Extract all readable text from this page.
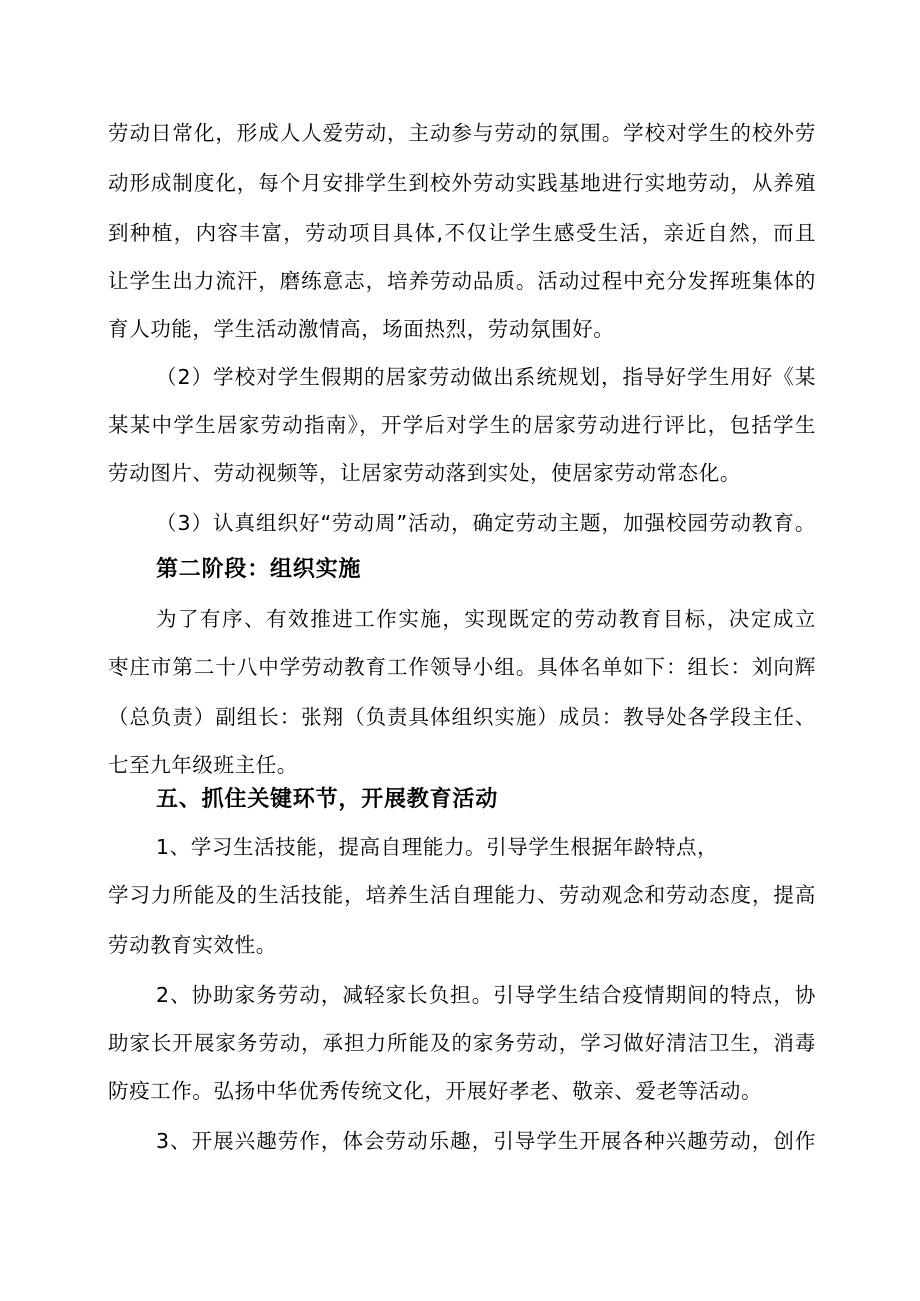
劳动日常化，形成人人爱劳动，主动参与劳动的氛围。学校对学生的校外劳
动形成制度化，每个月安排学生到校外劳动实践基地进行实地劳动，从养殖
到种植，内容丰富，劳动项目具体,不仅让学生感受生活，亲近自然，而且
让学生出力流汗，磨练意志，培养劳动品质。活动过程中充分发挥班集体的
育人功能，学生活动激情高，场面热烈，劳动氛围好。
（2）学校对学生假期的居家劳动做出系统规划，指导好学生用好《某
某某中学生居家劳动指南》，开学后对学生的居家劳动进行评比，包括学生
劳动图片、劳动视频等，让居家劳动落到实处，使居家劳动常态化。
（3）认真组织好“劳动周”活动，确定劳动主题，加强校园劳动教育。
第二阶段：组织实施
为了有序、有效推进工作实施，实现既定的劳动教育目标，决定成立
枣庄市第二十八中学劳动教育工作领导小组。具体名单如下：组长：刘向辉
（总负责）副组长：张翔（负责具体组织实施）成员：教导处各学段主任、
七至九年级班主任。
五、抓住关键环节，开展教育活动
1、学习生活技能，提高自理能力。引导学生根据年龄特点，
学习力所能及的生活技能，培养生活自理能力、劳动观念和劳动态度，提高
劳动教育实效性。
2、协助家务劳动，减轻家长负担。引导学生结合疫情期间的特点，协
助家长开展家务劳动，承担力所能及的家务劳动，学习做好清洁卫生，消毒
防疫工作。弘扬中华优秀传统文化，开展好孝老、敬亲、爱老等活动。
3、开展兴趣劳作，体会劳动乐趣，引导学生开展各种兴趣劳动，创作
